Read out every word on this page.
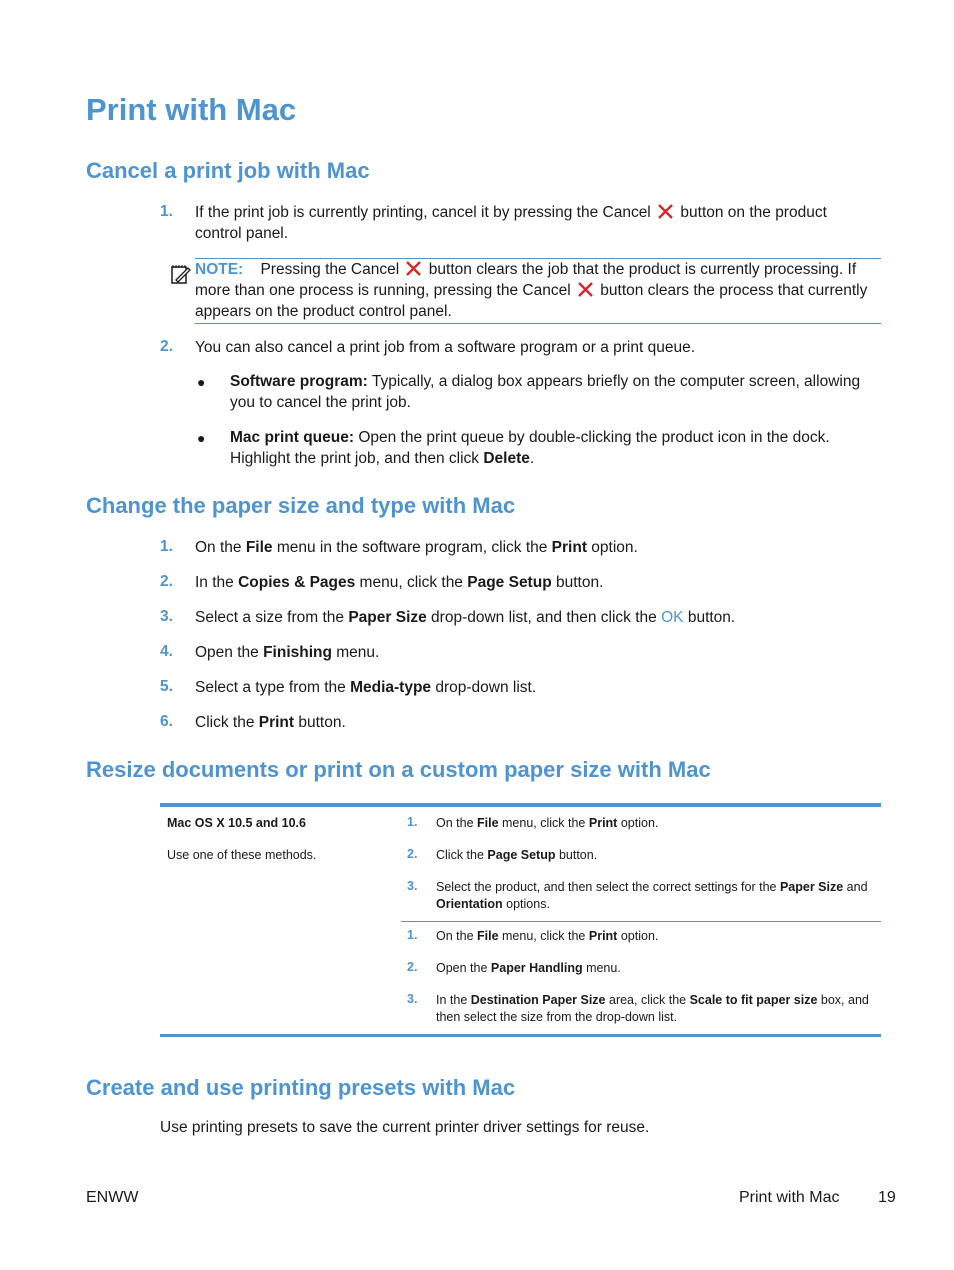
Print with Mac
Cancel a print job with Mac
1. If the print job is currently printing, cancel it by pressing the Cancel button on the product control panel.
NOTE: Pressing the Cancel button clears the job that the product is currently processing. If more than one process is running, pressing the Cancel button clears the process that currently appears on the product control panel.
2. You can also cancel a print job from a software program or a print queue.
● Software program: Typically, a dialog box appears briefly on the computer screen, allowing you to cancel the print job.
● Mac print queue: Open the print queue by double-clicking the product icon in the dock. Highlight the print job, and then click Delete.
Change the paper size and type with Mac
1. On the File menu in the software program, click the Print option.
2. In the Copies & Pages menu, click the Page Setup button.
3. Select a size from the Paper Size drop-down list, and then click the OK button.
4. Open the Finishing menu.
5. Select a type from the Media-type drop-down list.
6. Click the Print button.
Resize documents or print on a custom paper size with Mac
Mac OS X 10.5 and 10.6
Use one of these methods.
1. On the File menu, click the Print option.
2. Click the Page Setup button.
3. Select the product, and then select the correct settings for the Paper Size and Orientation options.
1. On the File menu, click the Print option.
2. Open the Paper Handling menu.
3. In the Destination Paper Size area, click the Scale to fit paper size box, and then select the size from the drop-down list.
Create and use printing presets with Mac
Use printing presets to save the current printer driver settings for reuse.
ENWW	Print with Mac 19
